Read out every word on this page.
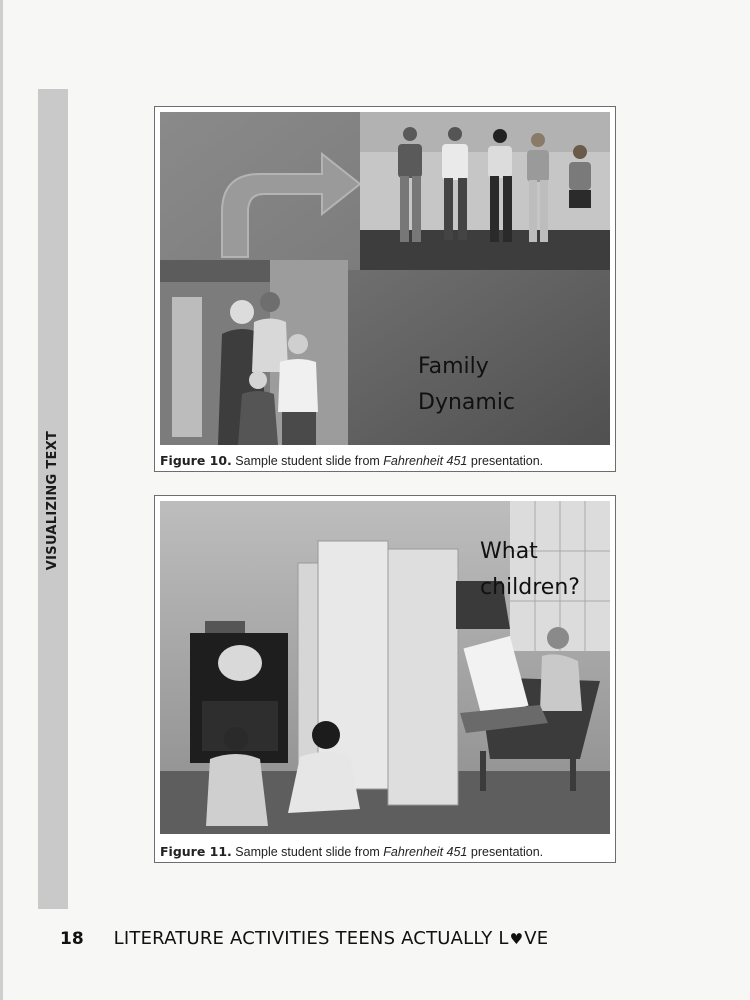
VISUALIZING TEXT
Family
Dynamic
Figure 10. Sample student slide from Fahrenheit 451 presentation.
What
children?
Figure 11. Sample student slide from Fahrenheit 451 presentation.
18 LITERATURE ACTIVITIES TEENS ACTUALLY L♥VE
